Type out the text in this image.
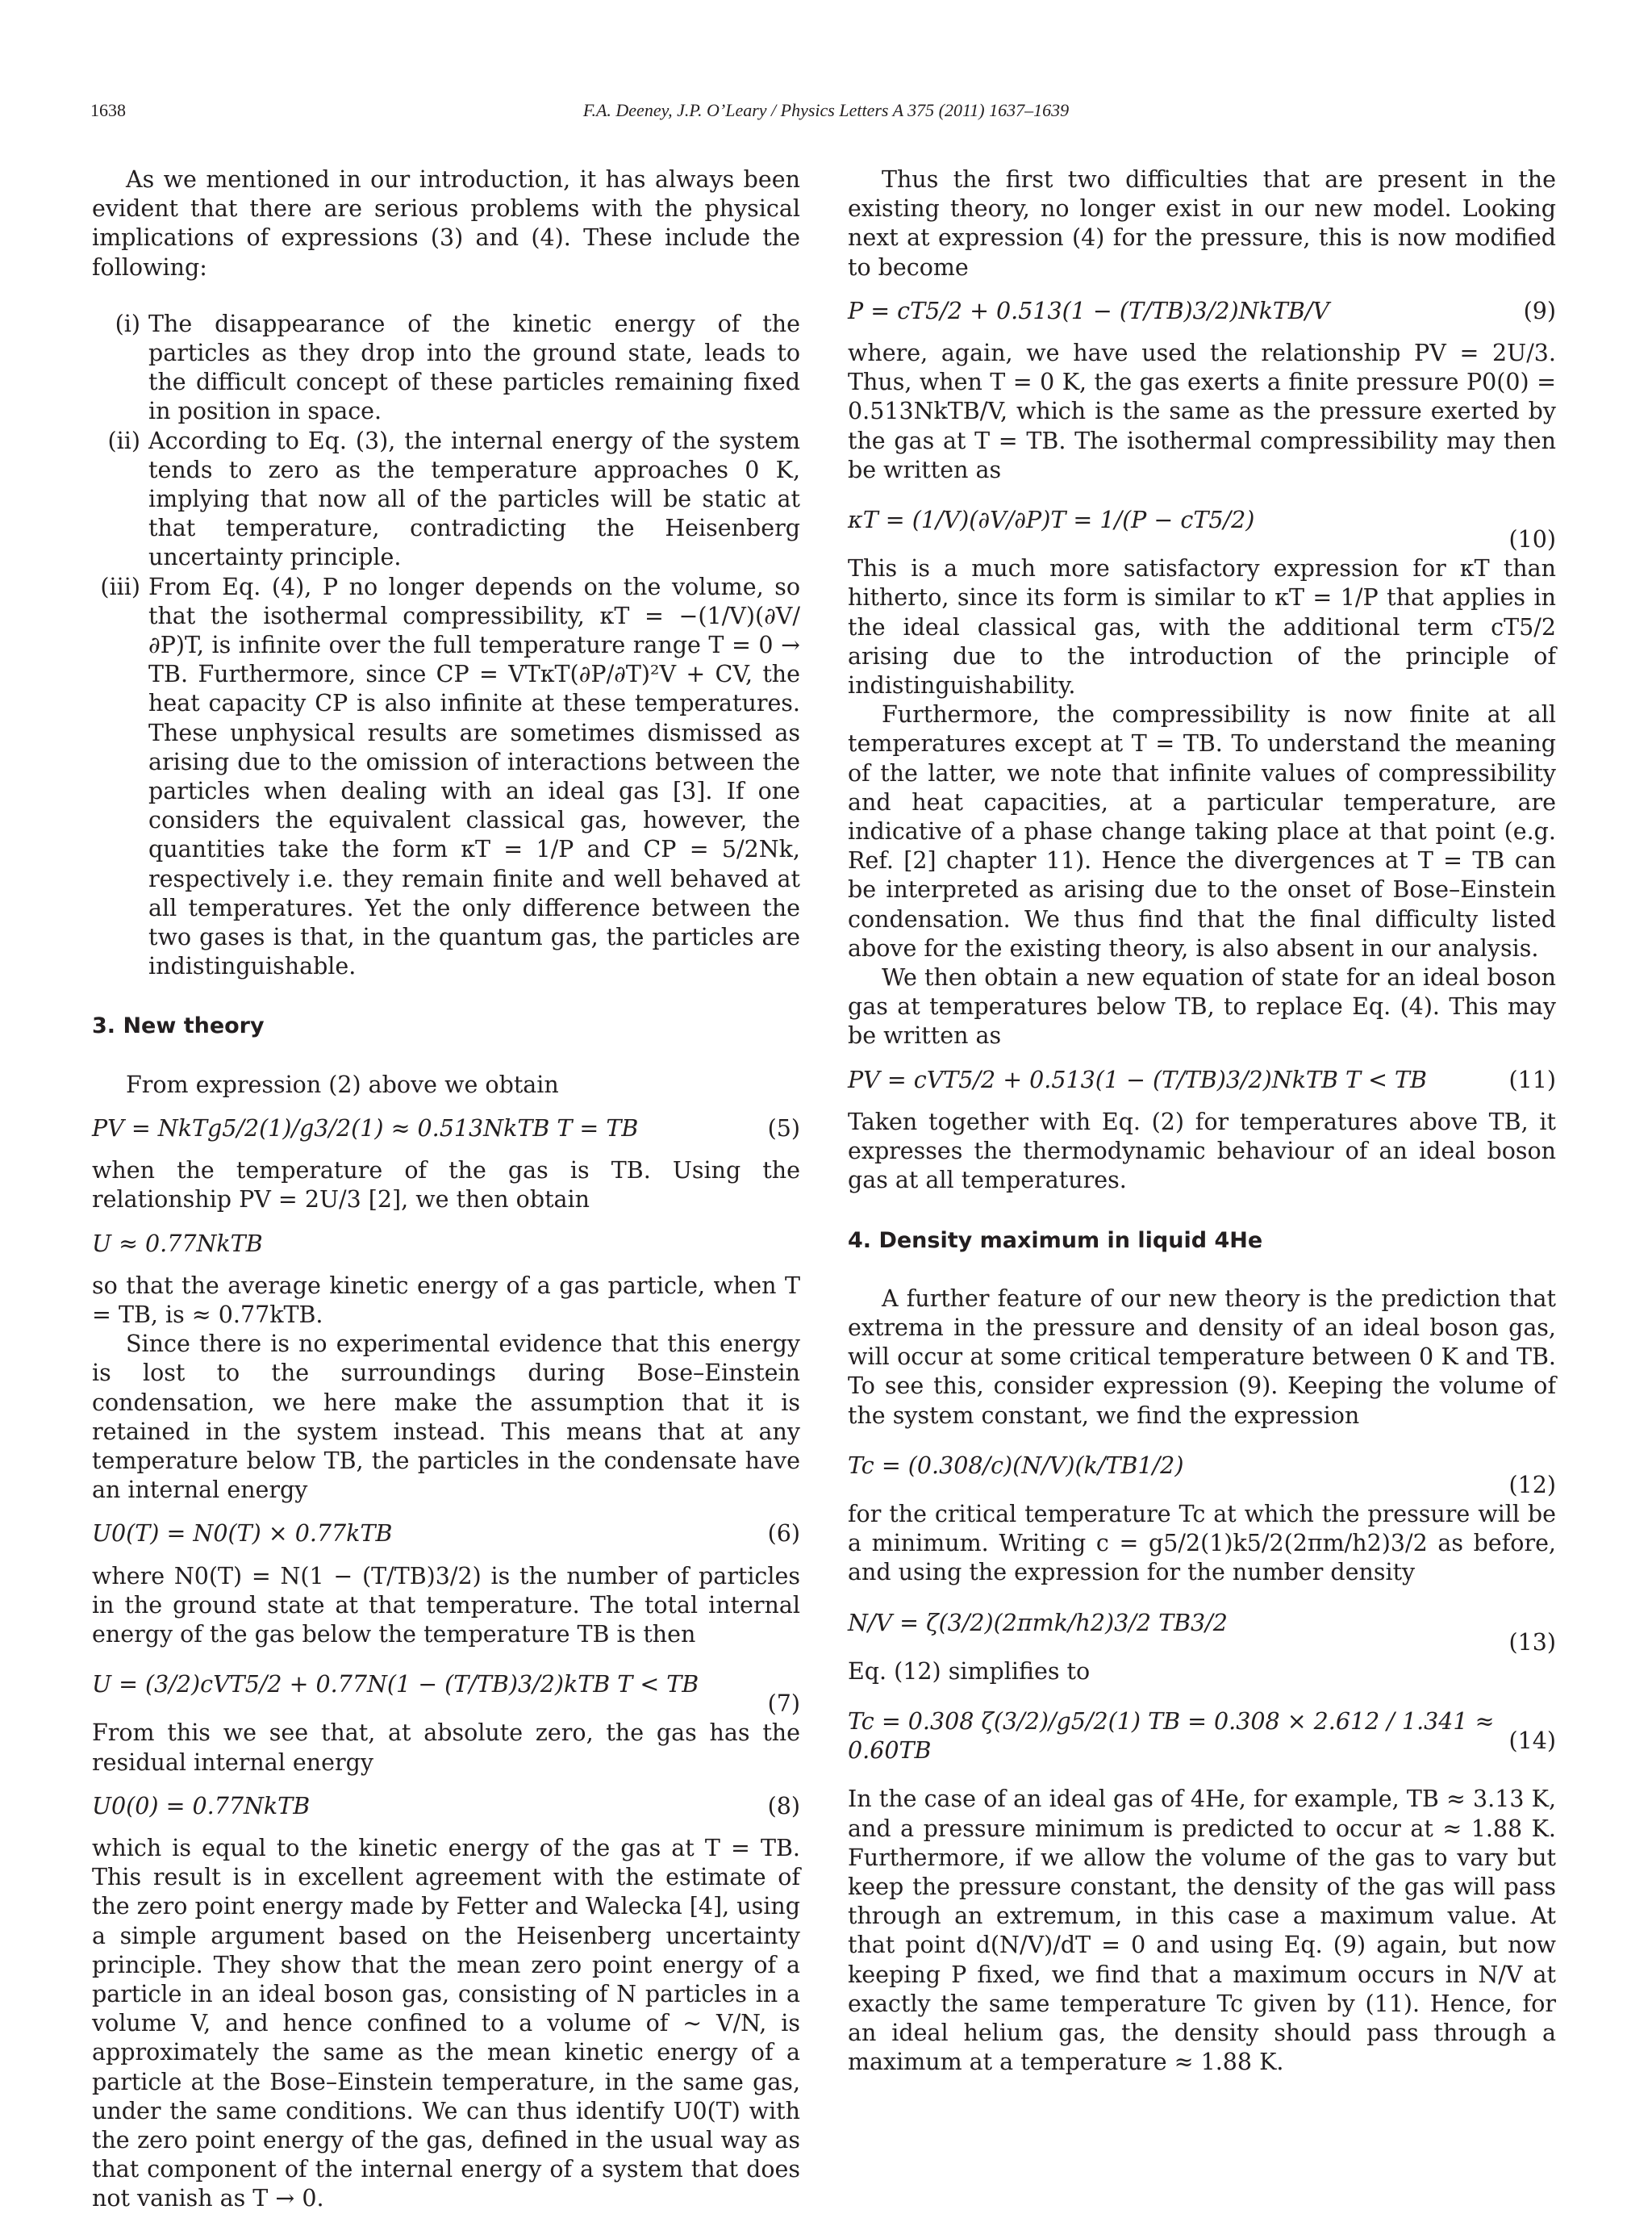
1638	F.A. Deeney, J.P. O’Leary / Physics Letters A 375 (2011) 1637–1639

As we mentioned in our introduction, it has always been evident that there are serious problems with the physical implications of expressions (3) and (4). These include the following:

(i) The disappearance of the kinetic energy of the particles as they drop into the ground state, leads to the difficult concept of these particles remaining fixed in position in space.
(ii) According to Eq. (3), the internal energy of the system tends to zero as the temperature approaches 0 K, implying that now all of the particles will be static at that temperature, contradicting the Heisenberg uncertainty principle.
(iii) From Eq. (4), P no longer depends on the volume, so that the isothermal compressibility, κT = −(1/V)(∂V/∂P)T, is infinite over the full temperature range T = 0 → TB. Furthermore, since CP = VTκT(∂P/∂T)²V + CV, the heat capacity CP is also infinite at these temperatures. These unphysical results are sometimes dismissed as arising due to the omission of interactions between the particles when dealing with an ideal gas [3]. If one considers the equivalent classical gas, however, the quantities take the form κT = 1/P and CP = 5/2Nk, respectively i.e. they remain finite and well behaved at all temperatures. Yet the only difference between the two gases is that, in the quantum gas, the particles are indistinguishable.
3. New theory

From expression (2) above we obtain

PV = NkTg5/2(1)/g3/2(1) ≈ 0.513NkTB T = TB	(5)

when the temperature of the gas is TB. Using the relationship PV = 2U/3 [2], we then obtain

U ≈ 0.77NkTB

so that the average kinetic energy of a gas particle, when T = TB, is ≈ 0.77kTB.

Since there is no experimental evidence that this energy is lost to the surroundings during Bose–Einstein condensation, we here make the assumption that it is retained in the system instead. This means that at any temperature below TB, the particles in the condensate have an internal energy

U0(T) = N0(T) × 0.77kTB	(6)

where N0(T) = N(1 − (T/TB)3/2) is the number of particles in the ground state at that temperature. The total internal energy of the gas below the temperature TB is then

U = (3/2)cVT5/2 + 0.77N(1 − (T/TB)3/2)kTB T < TB
(7)

From this we see that, at absolute zero, the gas has the residual internal energy

U0(0) = 0.77NkTB	(8)

which is equal to the kinetic energy of the gas at T = TB. This result is in excellent agreement with the estimate of the zero point energy made by Fetter and Walecka [4], using a simple argument based on the Heisenberg uncertainty principle. They show that the mean zero point energy of a particle in an ideal boson gas, consisting of N particles in a volume V, and hence confined to a volume of ∼ V/N, is approximately the same as the mean kinetic energy of a particle at the Bose–Einstein temperature, in the same gas, under the same conditions. We can thus identify U0(T) with the zero point energy of the gas, defined in the usual way as that component of the internal energy of a system that does not vanish as T → 0.

Thus the first two difficulties that are present in the existing theory, no longer exist in our new model. Looking next at expression (4) for the pressure, this is now modified to become

P = cT5/2 + 0.513(1 − (T/TB)3/2)NkTB/V	(9)

where, again, we have used the relationship PV = 2U/3. Thus, when T = 0 K, the gas exerts a finite pressure P0(0) = 0.513NkTB/V, which is the same as the pressure exerted by the gas at T = TB. The isothermal compressibility may then be written as

κT = (1/V)(∂V/∂P)T = 1/(P − cT5/2)
(10)

This is a much more satisfactory expression for κT than hitherto, since its form is similar to κT = 1/P that applies in the ideal classical gas, with the additional term cT5/2 arising due to the introduction of the principle of indistinguishability.

Furthermore, the compressibility is now finite at all temperatures except at T = TB. To understand the meaning of the latter, we note that infinite values of compressibility and heat capacities, at a particular temperature, are indicative of a phase change taking place at that point (e.g. Ref. [2] chapter 11). Hence the divergences at T = TB can be interpreted as arising due to the onset of Bose–Einstein condensation. We thus find that the final difficulty listed above for the existing theory, is also absent in our analysis.

We then obtain a new equation of state for an ideal boson gas at temperatures below TB, to replace Eq. (4). This may be written as

PV = cVT5/2 + 0.513(1 − (T/TB)3/2)NkTB T < TB	(11)

Taken together with Eq. (2) for temperatures above TB, it expresses the thermodynamic behaviour of an ideal boson gas at all temperatures.

4. Density maximum in liquid 4He

A further feature of our new theory is the prediction that extrema in the pressure and density of an ideal boson gas, will occur at some critical temperature between 0 K and TB. To see this, consider expression (9). Keeping the volume of the system constant, we find the expression

Tc = (0.308/c)(N/V)(k/TB1/2)
(12)

for the critical temperature Tc at which the pressure will be a minimum. Writing c = g5/2(1)k5/2(2πm/h2)3/2 as before, and using the expression for the number density

N/V = ζ(3/2)(2πmk/h2)3/2 TB3/2
(13)

Eq. (12) simplifies to

Tc = 0.308 ζ(3/2)/g5/2(1) TB = 0.308 × 2.612 / 1.341 ≈ 0.60TB	(14)

In the case of an ideal gas of 4He, for example, TB ≈ 3.13 K, and a pressure minimum is predicted to occur at ≈ 1.88 K. Furthermore, if we allow the volume of the gas to vary but keep the pressure constant, the density of the gas will pass through an extremum, in this case a maximum value. At that point d(N/V)/dT = 0 and using Eq. (9) again, but now keeping P fixed, we find that a maximum occurs in N/V at exactly the same temperature Tc given by (11). Hence, for an ideal helium gas, the density should pass through a maximum at a temperature ≈ 1.88 K.
